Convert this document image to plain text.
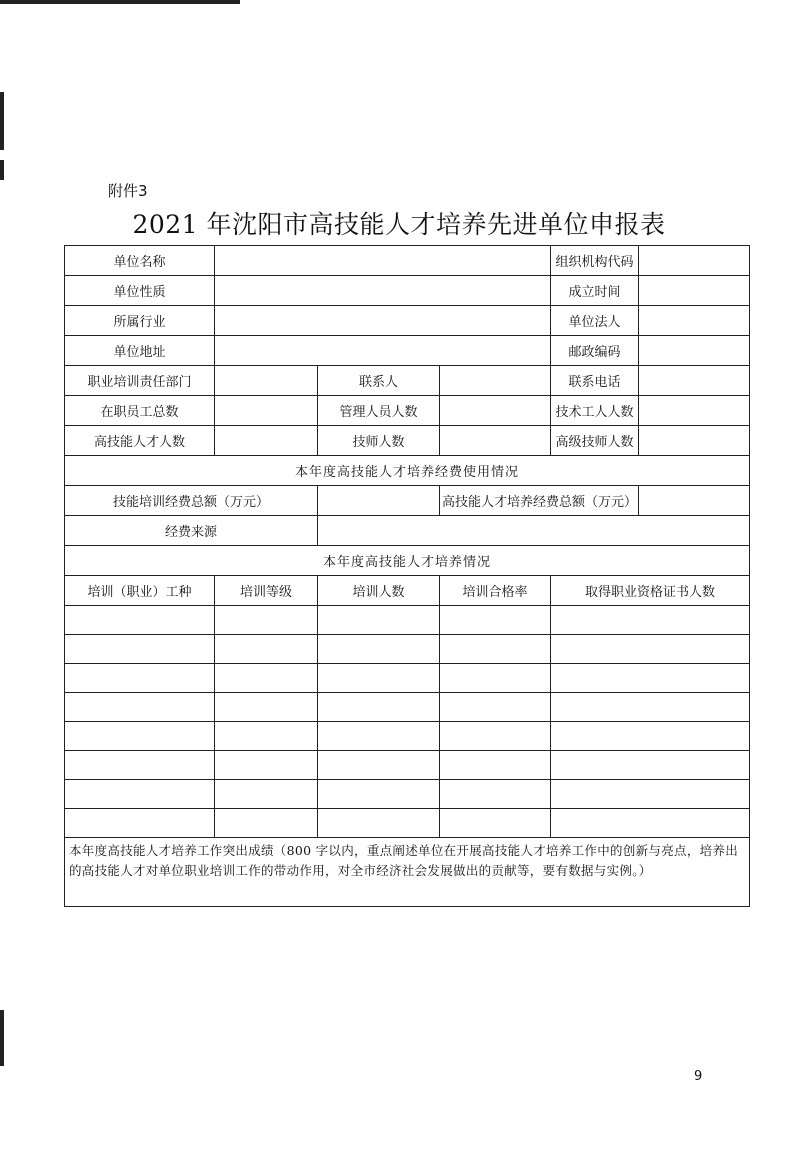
附件3
2021 年沈阳市高技能人才培养先进单位申报表
单位名称				组织机构代码	
单位性质				成立时间	
所属行业				单位法人	
单位地址				邮政编码	
职业培训责任部门		联系人		联系电话	
在职员工总数		管理人员人数		技术工人人数	
高技能人才人数		技师人数		高级技师人数	
本年度高技能人才培养经费使用情况					
技能培训经费总额（万元）			高技能人才培养经费总额（万元）		
经费来源					
本年度高技能人才培养情况					
培训（职业）工种	培训等级	培训人数	培训合格率	取得职业资格证书人数	

本年度高技能人才培养工作突出成绩（800 字以内，重点阐述单位在开展高技能人才培养工作中的创新与亮点，培养出的高技能人才对单位职业培训工作的带动作用，对全市经济社会发展做出的贡献等，要有数据与实例。）					
9
